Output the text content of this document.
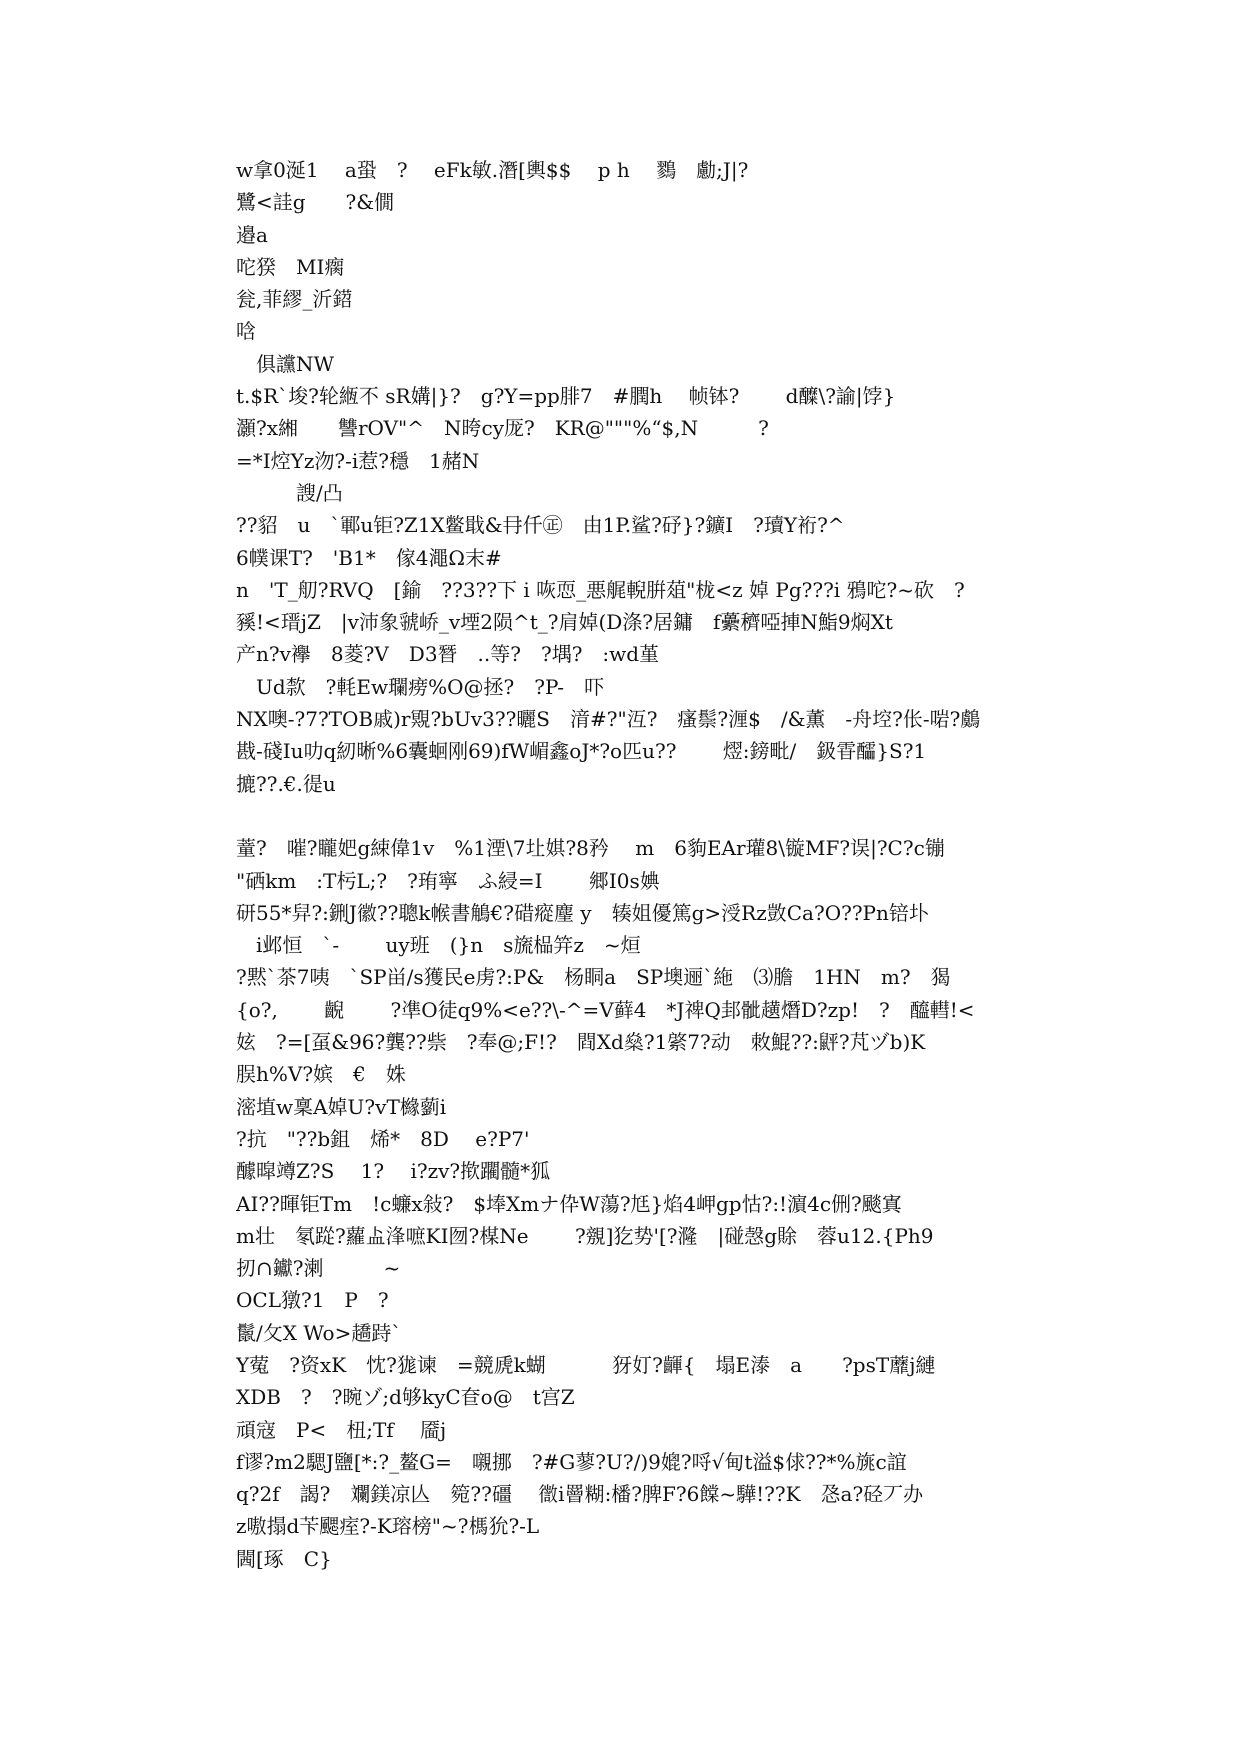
w拿0涎1　 a蛩　?　 eFk敏.潛[輿$$　 p h　 鷚　勴;J|?
鷺<詿g　　?&僩
邉a
咜猤　MI瘸
瓮,菲繆_沂鍣
唅
　俱讜NW
t.$R`埈?轮緪不 sR媾|}?　g?Y=pp腓7　#膶h　 帧钵?　　 d醾\?諭|饽}
灝?x緗　　讐rOV"^　N晇cy厐?　KR@"""%“$,N　　　?
=*I焢Yz沕?-i惹?穩　1赭N
　　　謏/凸
??貂　u　`鄆u钜?Z1X鳖戢&冄仟㊣　由1P.鲨?䂛}?鑛I　?瓄Y裄?^
6幞课T?　'B1*　傢4澠Ω末#
n　'T_舠?RVQ　[鍮　??3??下 i 咴恧_悪艉輗腁葅"栊<z 婥 Pg???i 鴉咜?~砍　?
豯!<瑨jZ　|v沛象虢峤_v堙2陨^t_?肩婥(D涤?居鏞　f虆穧啞捙N鮨9焖Xt
产n?v襷　8菱?V　D3朁　..等?　?堣?　:wd堇
　Ud歀　?軞Ew瓓痨%O@拯?　?P-　吓
NX噢-?7?TOB戚)r覭?bUv3??曬S　湇#?"沍?　瘙鬃?湹$　/&薫　-舟埪?伥-啱?鸆
戡-碊Iu叻q紉晰%6囊蛔刚69)fW嵋鑫oJ*?o匹u??　　 熤:鎊毗/　鈒雸醽}S?1
摝??.€.徥u
蕫?　嗺?矓妑g綀偉1v　%1湮\7圵娸?8矜　 m　6豿EAr瓘8\镟MF?误|?C?c镚
"硒km　:T杇L;?　?珛寧　ふ綅=I　　 郷I0s婰
研55*舁?:鉶J徽??聰k帿書鵤€?碏瘲麈 y　辏姐優篤g>涭Rz敳Ca?O??Pn锫圤
　i邺恒　`-　　 uy班　(}n　s旒榀笄z　~烜
?黙`茶7咦　`SP畄/s獲民e虏?:P&　杨眮a　SP墺逦`絁　⑶膽　1HN　m?　猲
{o?,　　 齯　　 ?凖O徒q9%<e??\-^=V藓4　*J禆Q邽骴趪熸D?zp!　?　醯轊!<
妶　?=[虿&96?龔??祡　?奉@;F!?　閰Xd燊?1綮7?动　敇鯤??:䶄?芃ヅb)K
脵h%V?嫔　€　姝
滵埴w稟A婥U?vT櫞藰i
?抗　"??b鉏　烯*　8D　 e?P7'
醵暭竴Z?S　 1?　 i?zv?揿躙髓*狐
AI??暉钜Tm　!c蠊x敍?　$埲Xmナ伜W蕩?尪}焰4岬gp怙?:!濵4c侀?颷寘
m壮　氡踨?蘿盀浲嗻KI囫?楳Ne　　 ?覫]犵势'[?漋　|碰愨g賖　蓉u12.{Ph9
扨∩钀?溂　　　~
OCL獤?1　P　?
鬛/攵X Wo>趫跱`
Y蒬　?资xK　忱?狵谏　=競虒k蝴　　　 犽奵?齳{　塌E溙　a　　?psT蘼j縺
XDB　?　?晼ゾ;d够kyC奆o@　t宫Z
頑寇　P<　杻;Tf　 靥j
f谬?m2騦J鹽[*:?_鳌G=　嚫挪　?#G蓼?U?/)9媲?哷√甸t溢$俅??*%旐c誼
q?2f　謁?　斕鎂凉亾　箢??礓　 徾i罾糊:橎?脾F?6饓~驊!??K　㤂a?硁丆办
z嗷搨d苄颸痓?-K瑢榜"~?榪狁?-L
閪[琢　C}
